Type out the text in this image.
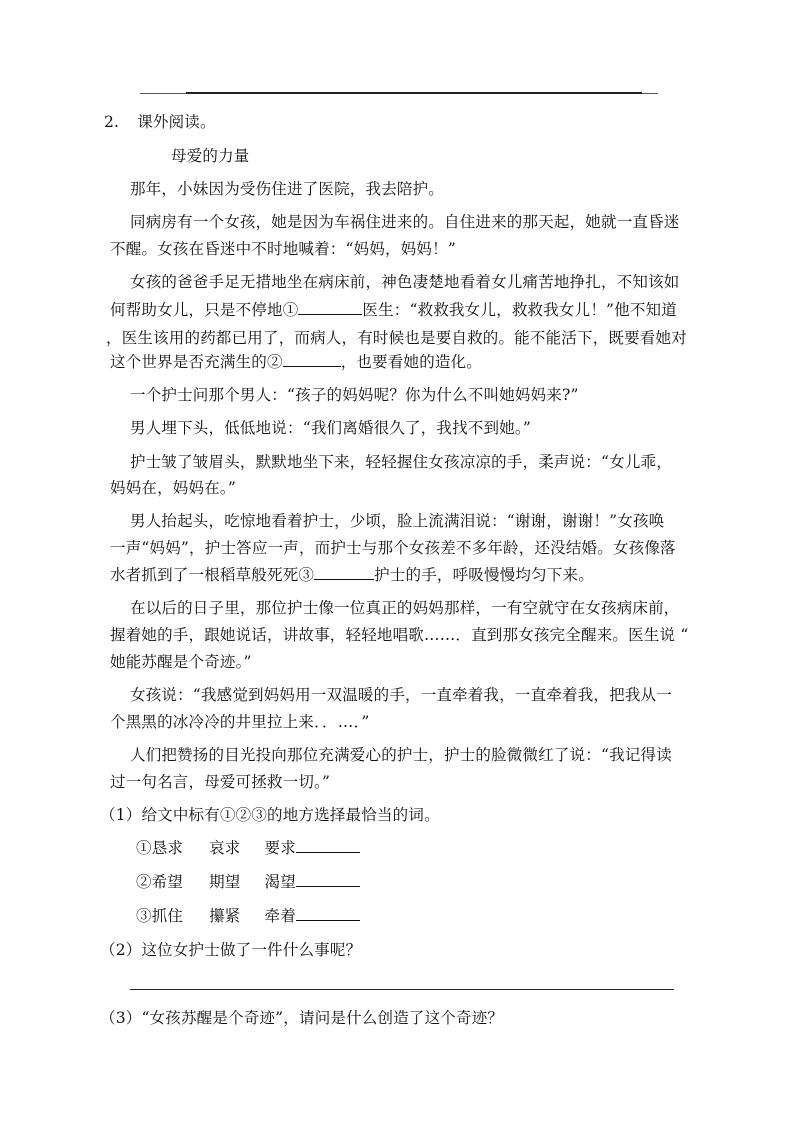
2. 课外阅读。
母爱的力量
那年，小妹因为受伤住进了医院，我去陪护。
同病房有一个女孩，她是因为车祸住进来的。自住进来的那天起，她就一直昏迷
不醒。女孩在昏迷中不时地喊着：“妈妈，妈妈！”
女孩的爸爸手足无措地坐在病床前，神色凄楚地看着女儿痛苦地挣扎，不知该如
何帮助女儿，只是不停地①	医生：“救救我女儿，救救我女儿！”他不知道
，医生该用的药都已用了，而病人，有时候也是要自救的。能不能活下，既要看她对
这个世界是否充满生的②	，也要看她的造化。
一个护士问那个男人：“孩子的妈妈呢？你为什么不叫她妈妈来?”
男人埋下头，低低地说：“我们离婚很久了，我找不到她。”
护士皱了皱眉头，默默地坐下来，轻轻握住女孩凉凉的手，柔声说：“女儿乖，
妈妈在，妈妈在。”
男人抬起头，吃惊地看着护士，少顷，脸上流满泪说：“谢谢，谢谢！”女孩唤
一声“妈妈”，护士答应一声，而护士与那个女孩差不多年龄，还没结婚。女孩像落
水者抓到了一根稻草般死死③	护士的手，呼吸慢慢均匀下来。
在以后的日子里，那位护士像一位真正的妈妈那样，一有空就守在女孩病床前，
握着她的手，跟她说话，讲故事，轻轻地唱歌……．直到那女孩完全醒来。医生说 “
她能苏醒是个奇迹。”
女孩说：“我感觉到妈妈用一双温暖的手，一直牵着我，一直牵着我，把我从一
个黑黑的冰冷冷的井里拉上来．．…．”
人们把赞扬的目光投向那位充满爱心的护士，护士的脸微微红了说：“我记得读
过一句名言，母爱可拯救一切。”
（1）给文中标有①②③的地方选择最恰当的词。
①恳求 哀求 要求
②希望 期望 渴望
③抓住 攥紧 牵着
（2）这位女护士做了一件什么事呢？
（3）“女孩苏醒是个奇迹”，请问是什么创造了这个奇迹？
